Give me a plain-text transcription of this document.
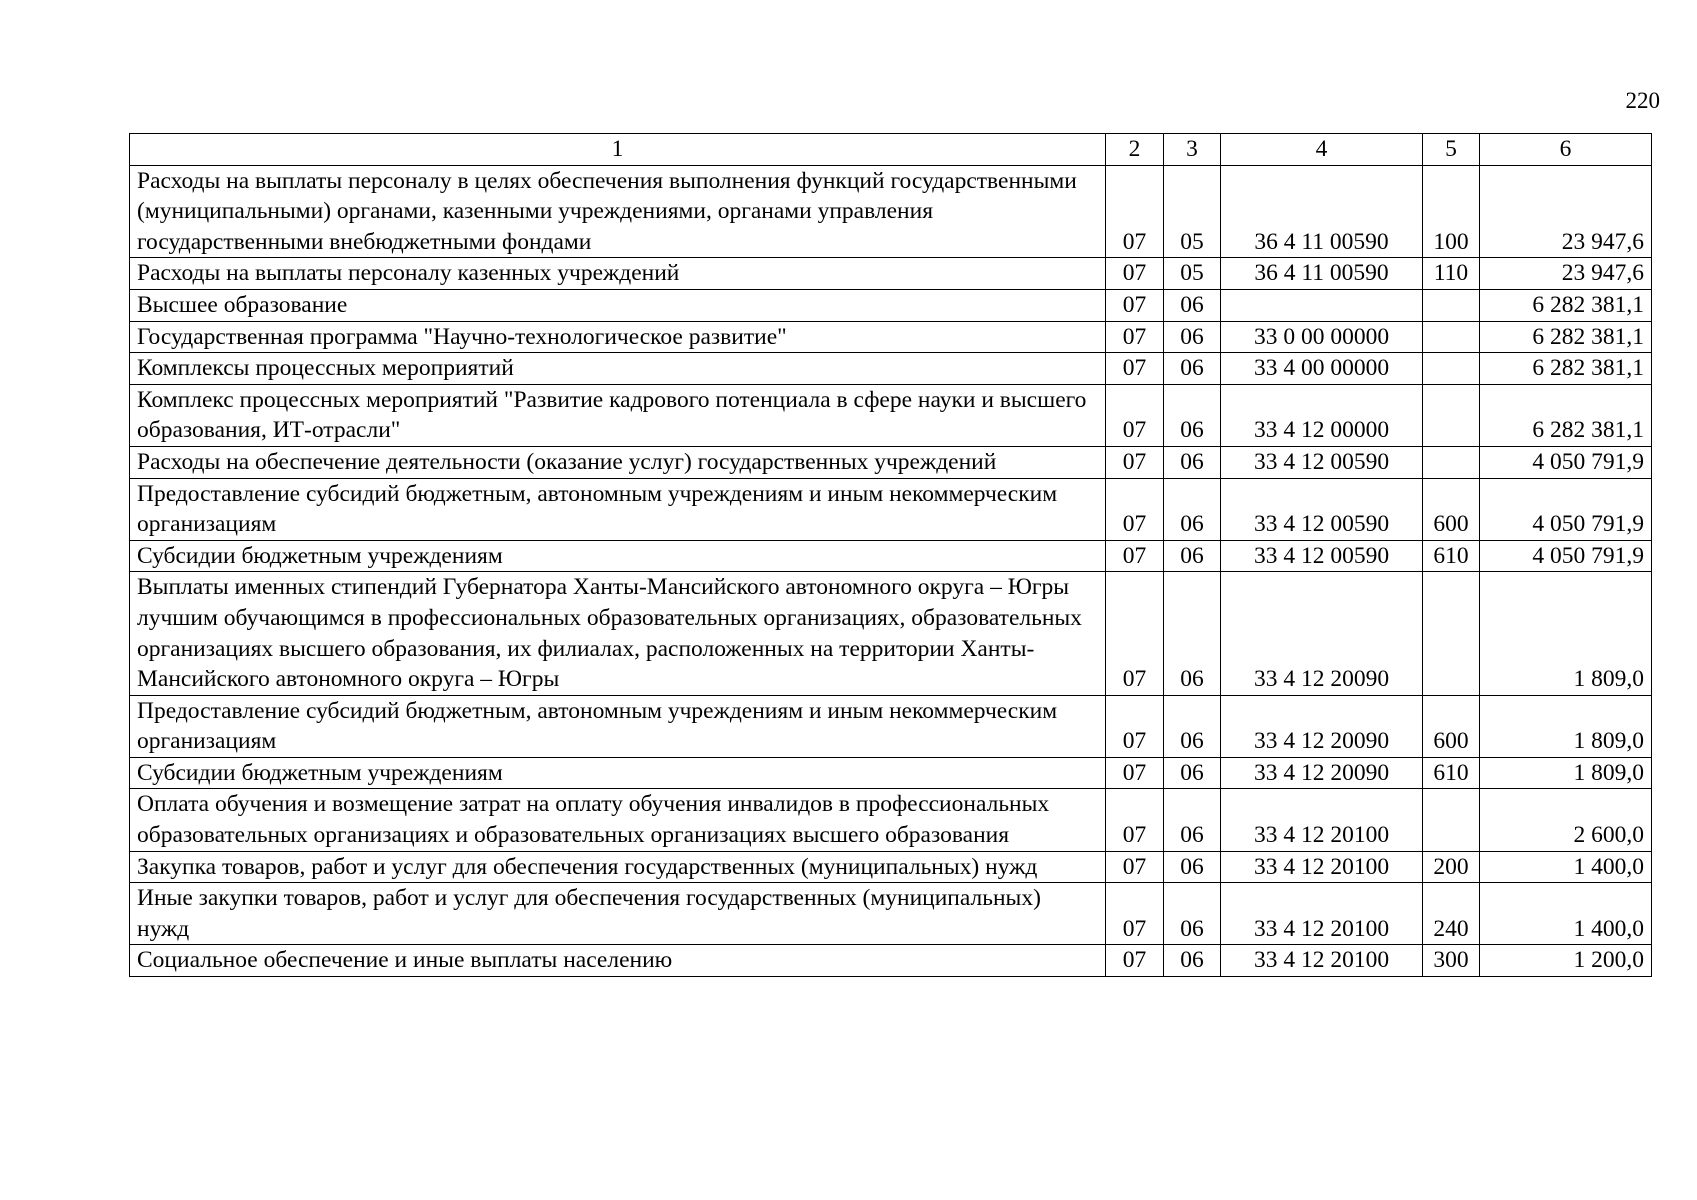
220
1	2	3	4	5	6
Расходы на выплаты персоналу в целях обеспечения выполнения функций государственными (муниципальными) органами, казенными учреждениями, органами управления государственными внебюджетными фондами	07	05	36 4 11 00590	100	23 947,6
Расходы на выплаты персоналу казенных учреждений	07	05	36 4 11 00590	110	23 947,6
Высшее образование	07	06			6 282 381,1
Государственная программа "Научно-технологическое развитие"	07	06	33 0 00 00000		6 282 381,1
Комплексы процессных мероприятий	07	06	33 4 00 00000		6 282 381,1
Комплекс процессных мероприятий "Развитие кадрового потенциала в сфере науки и высшего образования, ИТ-отрасли"	07	06	33 4 12 00000		6 282 381,1
Расходы на обеспечение деятельности (оказание услуг) государственных учреждений	07	06	33 4 12 00590		4 050 791,9
Предоставление субсидий бюджетным, автономным учреждениям и иным некоммерческим организациям	07	06	33 4 12 00590	600	4 050 791,9
Субсидии бюджетным учреждениям	07	06	33 4 12 00590	610	4 050 791,9
Выплаты именных стипендий Губернатора Ханты-Мансийского автономного округа – Югры лучшим обучающимся в профессиональных образовательных организациях, образовательных организациях высшего образования, их филиалах, расположенных на территории Ханты-Мансийского автономного округа – Югры	07	06	33 4 12 20090		1 809,0
Предоставление субсидий бюджетным, автономным учреждениям и иным некоммерческим организациям	07	06	33 4 12 20090	600	1 809,0
Субсидии бюджетным учреждениям	07	06	33 4 12 20090	610	1 809,0
Оплата обучения и возмещение затрат на оплату обучения инвалидов в профессиональных образовательных организациях и образовательных организациях высшего образования	07	06	33 4 12 20100		2 600,0
Закупка товаров, работ и услуг для обеспечения государственных (муниципальных) нужд	07	06	33 4 12 20100	200	1 400,0
Иные закупки товаров, работ и услуг для обеспечения государственных (муниципальных) нужд	07	06	33 4 12 20100	240	1 400,0
Социальное обеспечение и иные выплаты населению	07	06	33 4 12 20100	300	1 200,0
